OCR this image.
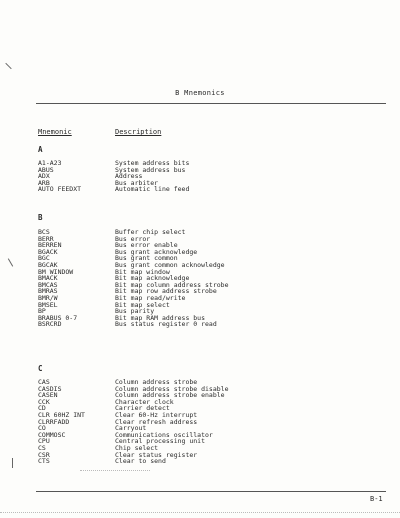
B Mnemonics
Mnemonic	Description
A
A1-A23	System address bits
ABUS	System address bus
ADX	Address
ARB	Bus arbiter
AUTO FEEDXT	Automatic line feed
B
BCS	Buffer chip select
BERR	Bus error
BERREN	Bus error enable
BGACK	Bus grant acknowledge
BGC	Bus grant common
BGCAK	Bus grant common acknowledge
BM WINDOW	Bit map window
BMACK	Bit map acknowledge
BMCAS	Bit map column address strobe
BMRAS	Bit map row address strobe
BMR/W	Bit map read/write
BMSEL	Bit map select
BP	Bus parity
BRABUS 0-7	Bit map RAM address bus
BSRCRD	Bus status register 0 read
C
CAS	Column address strobe
CASDIS	Column address strobe disable
CASEN	Column address strobe enable
CCK	Character clock
CD	Carrier detect
CLR 60HZ INT	Clear 60-Hz interrupt
CLRRFADD	Clear refresh address
CO	Carryout
COMMOSC	Communications oscillator
CPU	Central processing unit
CS	Chip select
CSR	Clear status register
CTS	Clear to send
B-1
